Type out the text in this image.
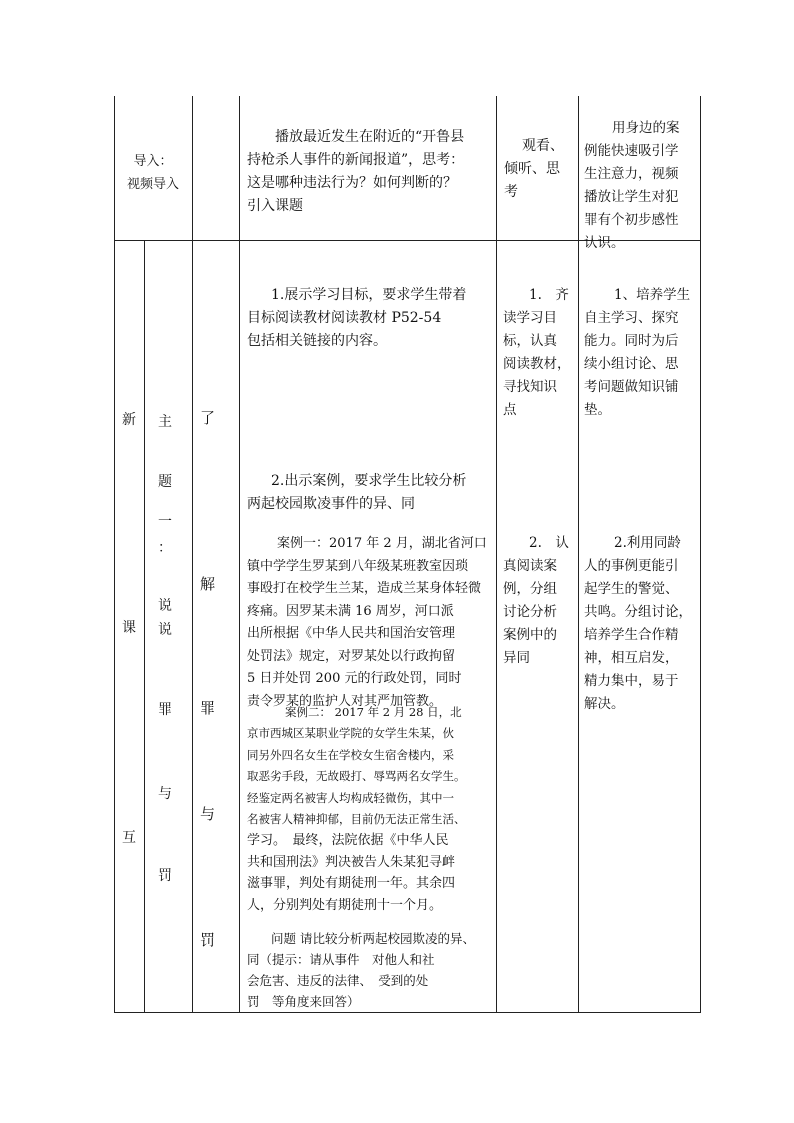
导入：
视频导入
播放最近发生在附近的“开鲁县
持枪杀人事件的新闻报道”，思考：
这是哪种违法行为？如何判断的？
引入课题
观看、
倾听、思
考
用身边的案
例能快速吸引学
生注意力，视频
播放让学生对犯
罪有个初步感性
认识。
新
课
互
主
题
一
：
说
说
罪
与
罚
了
解
罪
与
罚
1.展示学习目标，要求学生带着
目标阅读教材阅读教材 P52-54
包括相关链接的内容。
2.出示案例，要求学生比较分析
两起校园欺凌事件的异、同
案例一：2017 年 2 月，湖北省河口
镇中学学生罗某到八年级某班教室因琐
事殴打在校学生兰某，造成兰某身体轻微
疼痛。因罗某未满 16 周岁，河口派
出所根据《中华人民共和国治安管理
处罚法》规定，对罗某处以行政拘留
5 日并处罚 200 元的行政处罚，同时
责令罗某的监护人对其严加管教。
案例二： 2017 年 2 月 28 日，北
京市西城区某职业学院的女学生朱某，伙
同另外四名女生在学校女生宿舍楼内，采
取恶劣手段，无故殴打、辱骂两名女学生。
经鉴定两名被害人均构成轻微伤，其中一
名被害人精神抑郁，目前仍无法正常生活、
学习。　最终，法院依据《中华人民
共和国刑法》判决被告人朱某犯寻衅
滋事罪，判处有期徒刑一年。其余四
人，分别判处有期徒刑十一个月。
问题 请比较分析两起校园欺凌的异、
同（提示：请从事件　对他人和社
会危害、违反的法律、　受到的处
罚　等角度来回答）
1.　齐
读学习目
标，认真
阅读教材，
寻找知识
点
2.　认
真阅读案
例，分组
讨论分析
案例中的
异同
1、培养学生
自主学习、探究
能力。同时为后
续小组讨论、思
考问题做知识铺
垫。
2.利用同龄
人的事例更能引
起学生的警觉、
共鸣。分组讨论，
培养学生合作精
神，相互启发，
精力集中，易于
解决。
